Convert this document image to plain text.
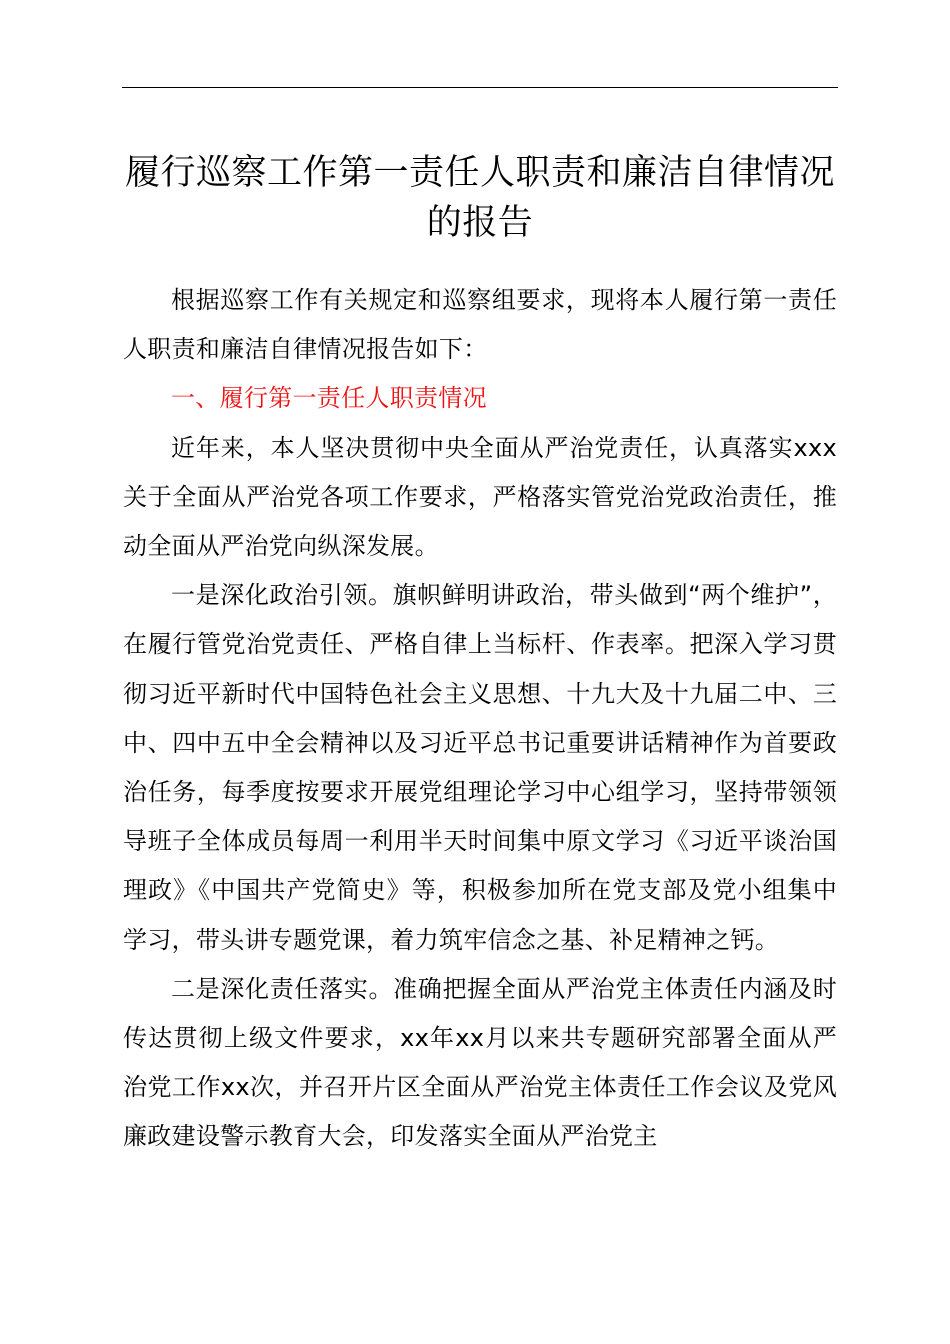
履行巡察工作第一责任人职责和廉洁自律情况
的报告

根据巡察工作有关规定和巡察组要求，现将本人履行第一责任人职责和廉洁自律情况报告如下：

一、履行第一责任人职责情况

近年来，本人坚决贯彻中央全面从严治党责任，认真落实xxx关于全面从严治党各项工作要求，严格落实管党治党政治责任，推动全面从严治党向纵深发展。

一是深化政治引领。旗帜鲜明讲政治，带头做到“两个维护”，在履行管党治党责任、严格自律上当标杆、作表率。把深入学习贯彻习近平新时代中国特色社会主义思想、十九大及十九届二中、三中、四中五中全会精神以及习近平总书记重要讲话精神作为首要政治任务，每季度按要求开展党组理论学习中心组学习，坚持带领领导班子全体成员每周一利用半天时间集中原文学习《习近平谈治国理政》《中国共产党简史》等，积极参加所在党支部及党小组集中学习，带头讲专题党课，着力筑牢信念之基、补足精神之钙。

二是深化责任落实。准确把握全面从严治党主体责任内涵及时传达贯彻上级文件要求，xx年xx月以来共专题研究部署全面从严治党工作xx次，并召开片区全面从严治党主体责任工作会议及党风廉政建设警示教育大会，印发落实全面从严治党主
